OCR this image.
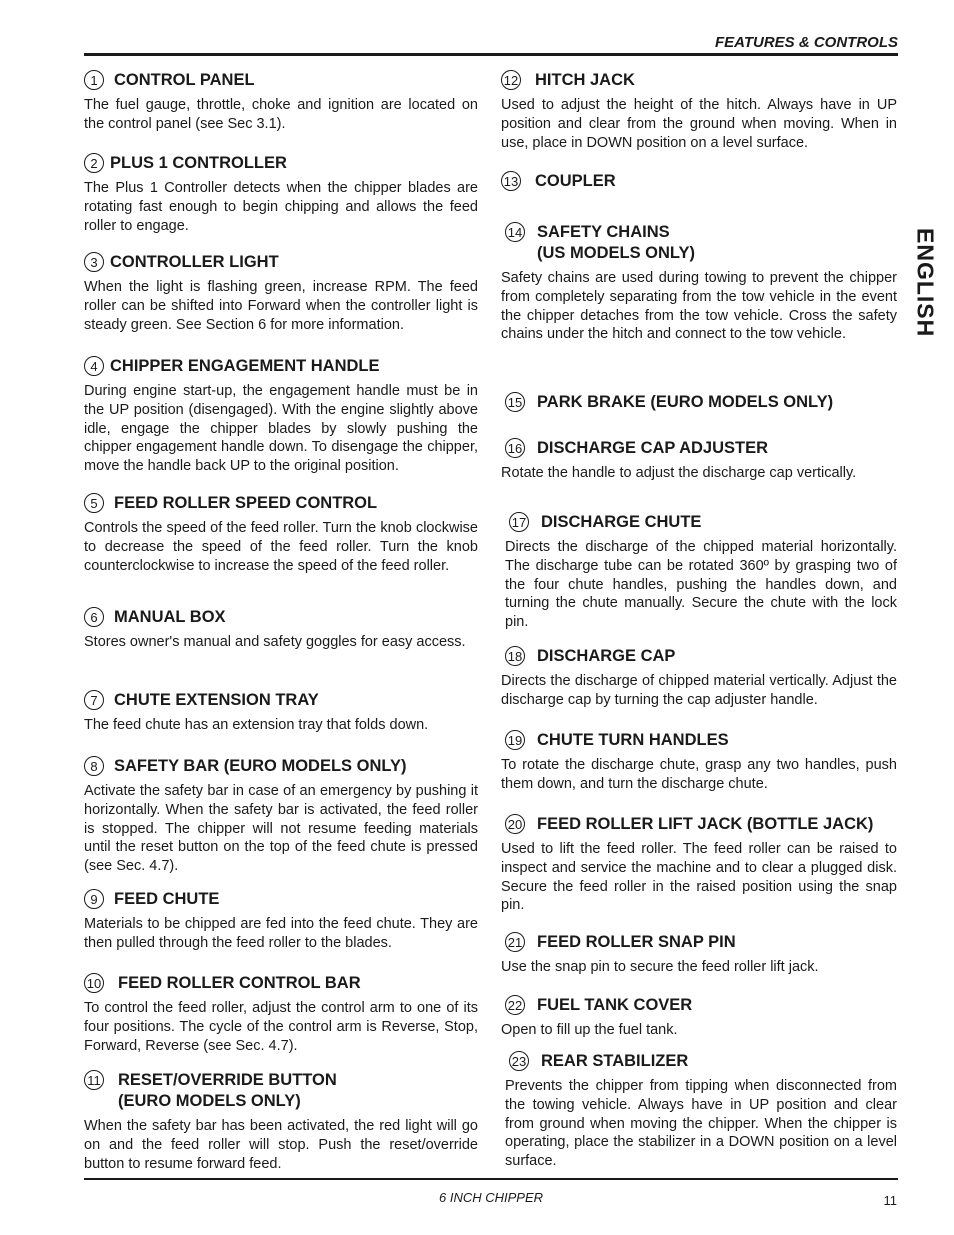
FEATURES & CONTROLS
ENGLISH
1 CONTROL PANEL
The fuel gauge, throttle, choke and ignition are located on the control panel (see Sec 3.1).
2 PLUS 1 CONTROLLER
The Plus 1 Controller detects when the chipper blades are rotating fast enough to begin chipping and allows the feed roller to engage.
3 CONTROLLER LIGHT
When the light is flashing green, increase RPM. The feed roller can be shifted into Forward when the controller light is steady green. See Section 6 for more information.
4 CHIPPER ENGAGEMENT HANDLE
During engine start-up, the engagement handle must be in the UP position (disengaged). With the engine slightly above idle, engage the chipper blades by slowly pushing the chipper engagement handle down. To disengage the chipper, move the handle back UP to the original position.
5 FEED ROLLER SPEED CONTROL
Controls the speed of the feed roller. Turn the knob clockwise to decrease the speed of the feed roller. Turn the knob counterclockwise to increase the speed of the feed roller.
6 MANUAL BOX
Stores owner's manual and safety goggles for easy access.
7 CHUTE EXTENSION TRAY
The feed chute has an extension tray that folds down.
8 SAFETY BAR (EURO MODELS ONLY)
Activate the safety bar in case of an emergency by pushing it horizontally. When the safety bar is activated, the feed roller is stopped. The chipper will not resume feeding materials until the reset button on the top of the feed chute is pressed (see Sec. 4.7).
9 FEED CHUTE
Materials to be chipped are fed into the feed chute. They are then pulled through the feed roller to the blades.
10 FEED ROLLER CONTROL BAR
To control the feed roller, adjust the control arm to one of its four positions. The cycle of the control arm is Reverse, Stop, Forward, Reverse (see Sec. 4.7).
11 RESET/OVERRIDE BUTTON
(EURO MODELS ONLY)
When the safety bar has been activated, the red light will go on and the feed roller will stop. Push the reset/override button to resume forward feed.
12 HITCH JACK
Used to adjust the height of the hitch. Always have in UP position and clear from the ground when moving. When in use, place in DOWN position on a level surface.
13 COUPLER
14 SAFETY CHAINS
(US MODELS ONLY)
Safety chains are used during towing to prevent the chipper from completely separating from the tow vehicle in the event the chipper detaches from the tow vehicle. Cross the safety chains under the hitch and connect to the tow vehicle.
15 PARK BRAKE (EURO MODELS ONLY)
16 DISCHARGE CAP ADJUSTER
Rotate the handle to adjust the discharge cap vertically.
17 DISCHARGE CHUTE
Directs the discharge of the chipped material horizontally. The discharge tube can be rotated 360º by grasping two of the four chute handles, pushing the handles down, and turning the chute manually. Secure the chute with the lock pin.
18 DISCHARGE CAP
Directs the discharge of chipped material vertically. Adjust the discharge cap by turning the cap adjuster handle.
19 CHUTE TURN HANDLES
To rotate the discharge chute, grasp any two handles, push them down, and turn the discharge chute.
20 FEED ROLLER LIFT JACK (BOTTLE JACK)
Used to lift the feed roller. The feed roller can be raised to inspect and service the machine and to clear a plugged disk. Secure the feed roller in the raised position using the snap pin.
21 FEED ROLLER SNAP PIN
Use the snap pin to secure the feed roller lift jack.
22 FUEL TANK COVER
Open to fill up the fuel tank.
23 REAR STABILIZER
Prevents the chipper from tipping when disconnected from the towing vehicle. Always have in UP position and clear from ground when moving the chipper. When the chipper is operating, place the stabilizer in a DOWN position on a level surface.
6 INCH CHIPPER	11
